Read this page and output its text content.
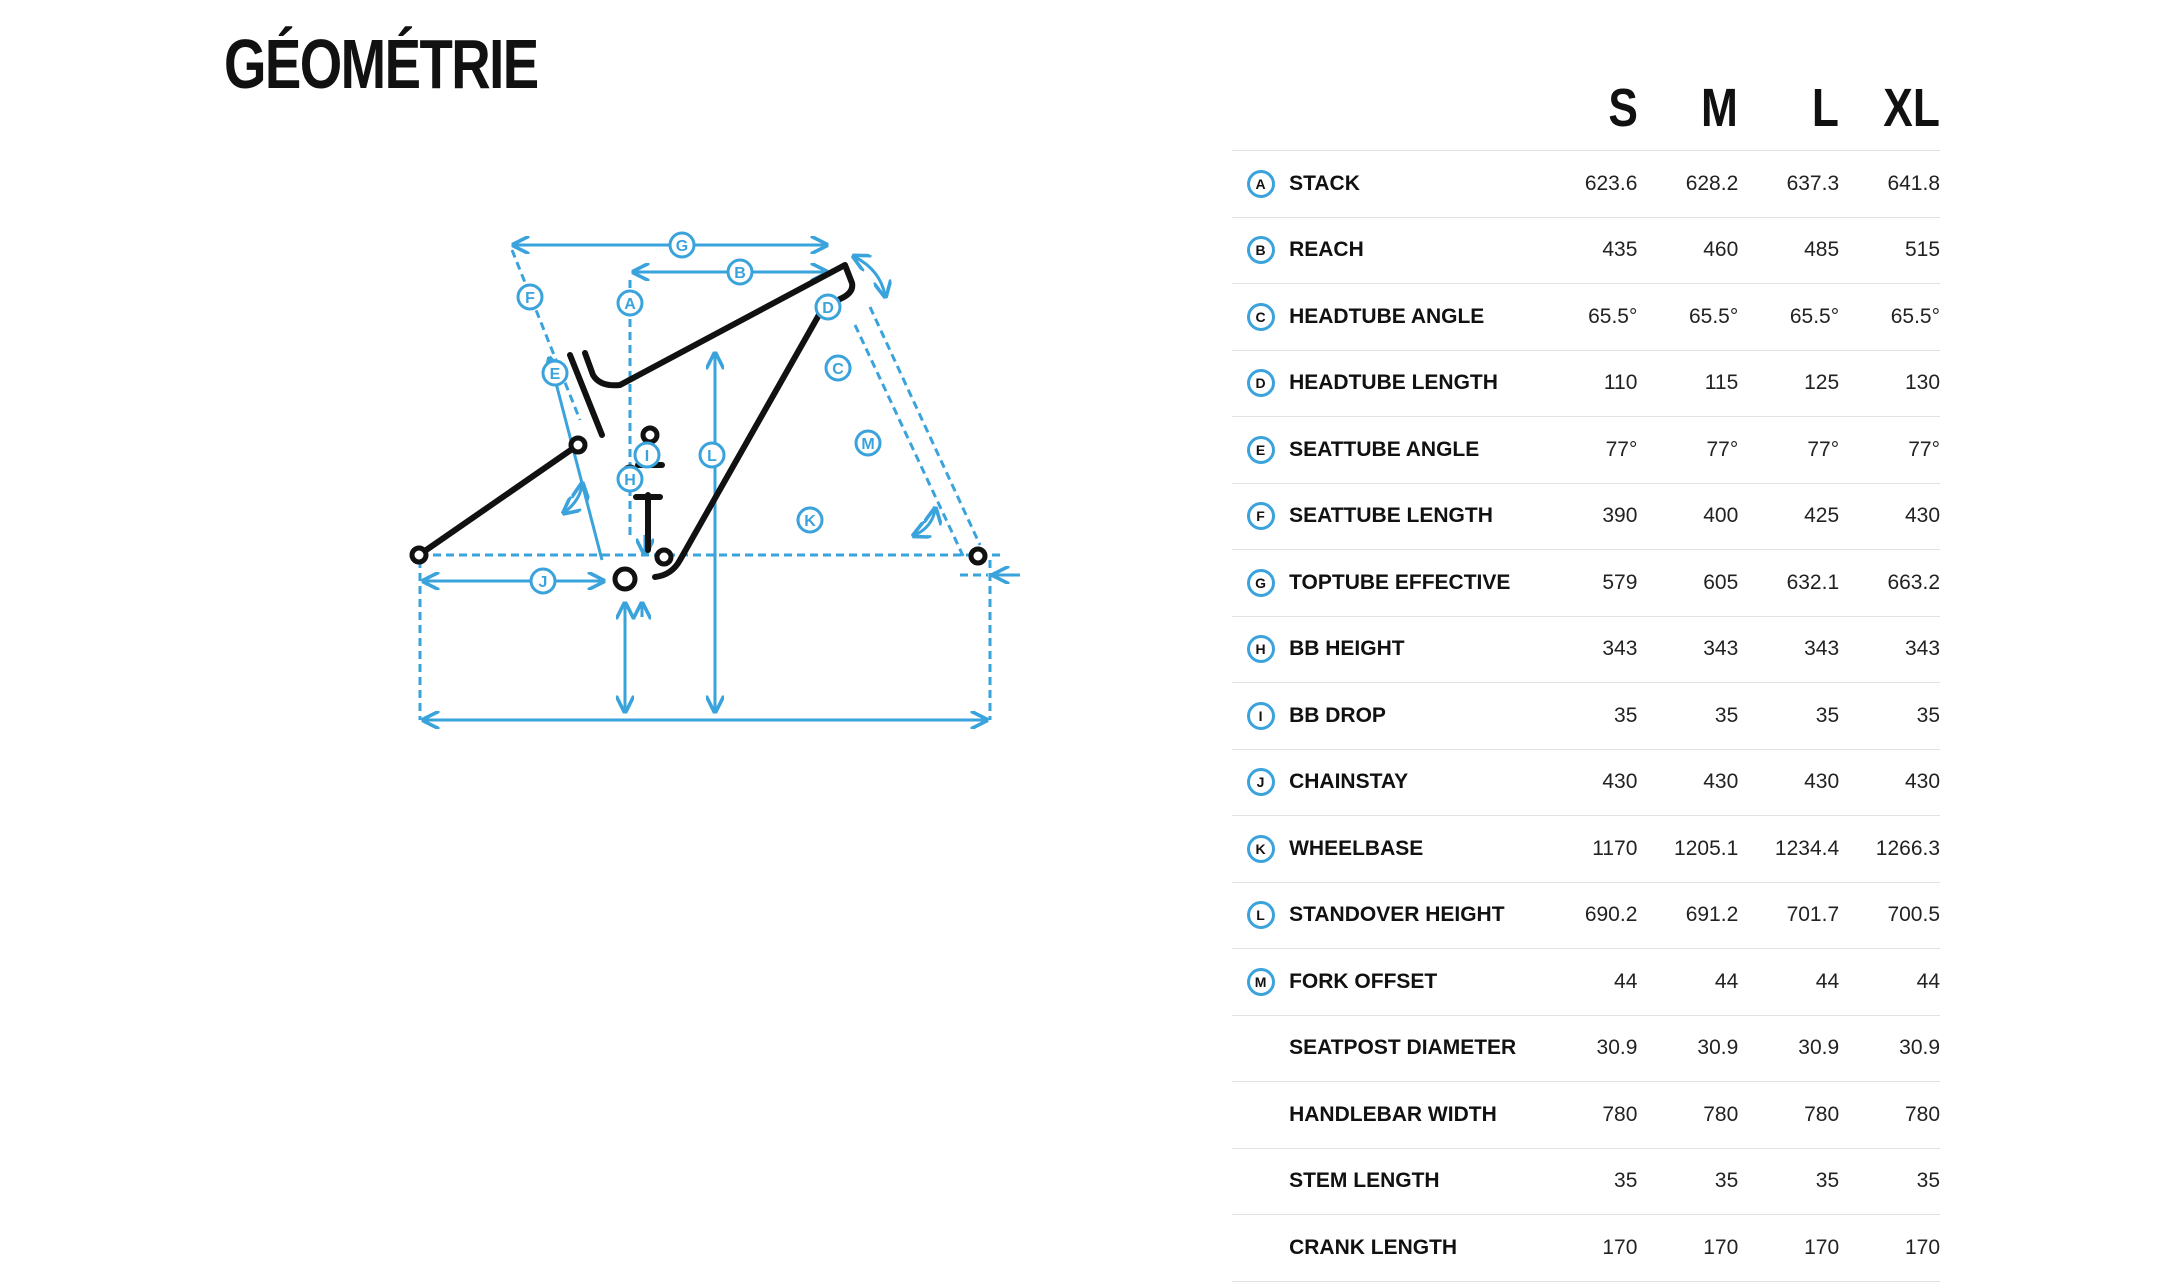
GÉOMÉTRIE
A
B
C
D
E
F
G
H
I
J
K
L
M
S	M	L XL
A	STACK	623.6	628.2	637.3	641.8
B	REACH	435	460	485	515
C	HEADTUBE ANGLE	65.5°	65.5°	65.5°	65.5°
D	HEADTUBE LENGTH	110	115	125	130
E	SEATTUBE ANGLE	77°	77°	77°	77°
F	SEATTUBE LENGTH	390	400	425	430
G	TOPTUBE EFFECTIVE	579	605	632.1	663.2
H	BB HEIGHT	343	343	343	343
I	BB DROP	35	35	35	35
J	CHAINSTAY	430	430	430	430
K	WHEELBASE	1170	1205.1	1234.4	1266.3
L	STANDOVER HEIGHT	690.2	691.2	701.7	700.5
M	FORK OFFSET	44	44	44	44
SEATPOST DIAMETER	30.9	30.9	30.9	30.9
HANDLEBAR WIDTH	780	780	780	780
STEM LENGTH	35	35	35	35
CRANK LENGTH	170	170	170	170
